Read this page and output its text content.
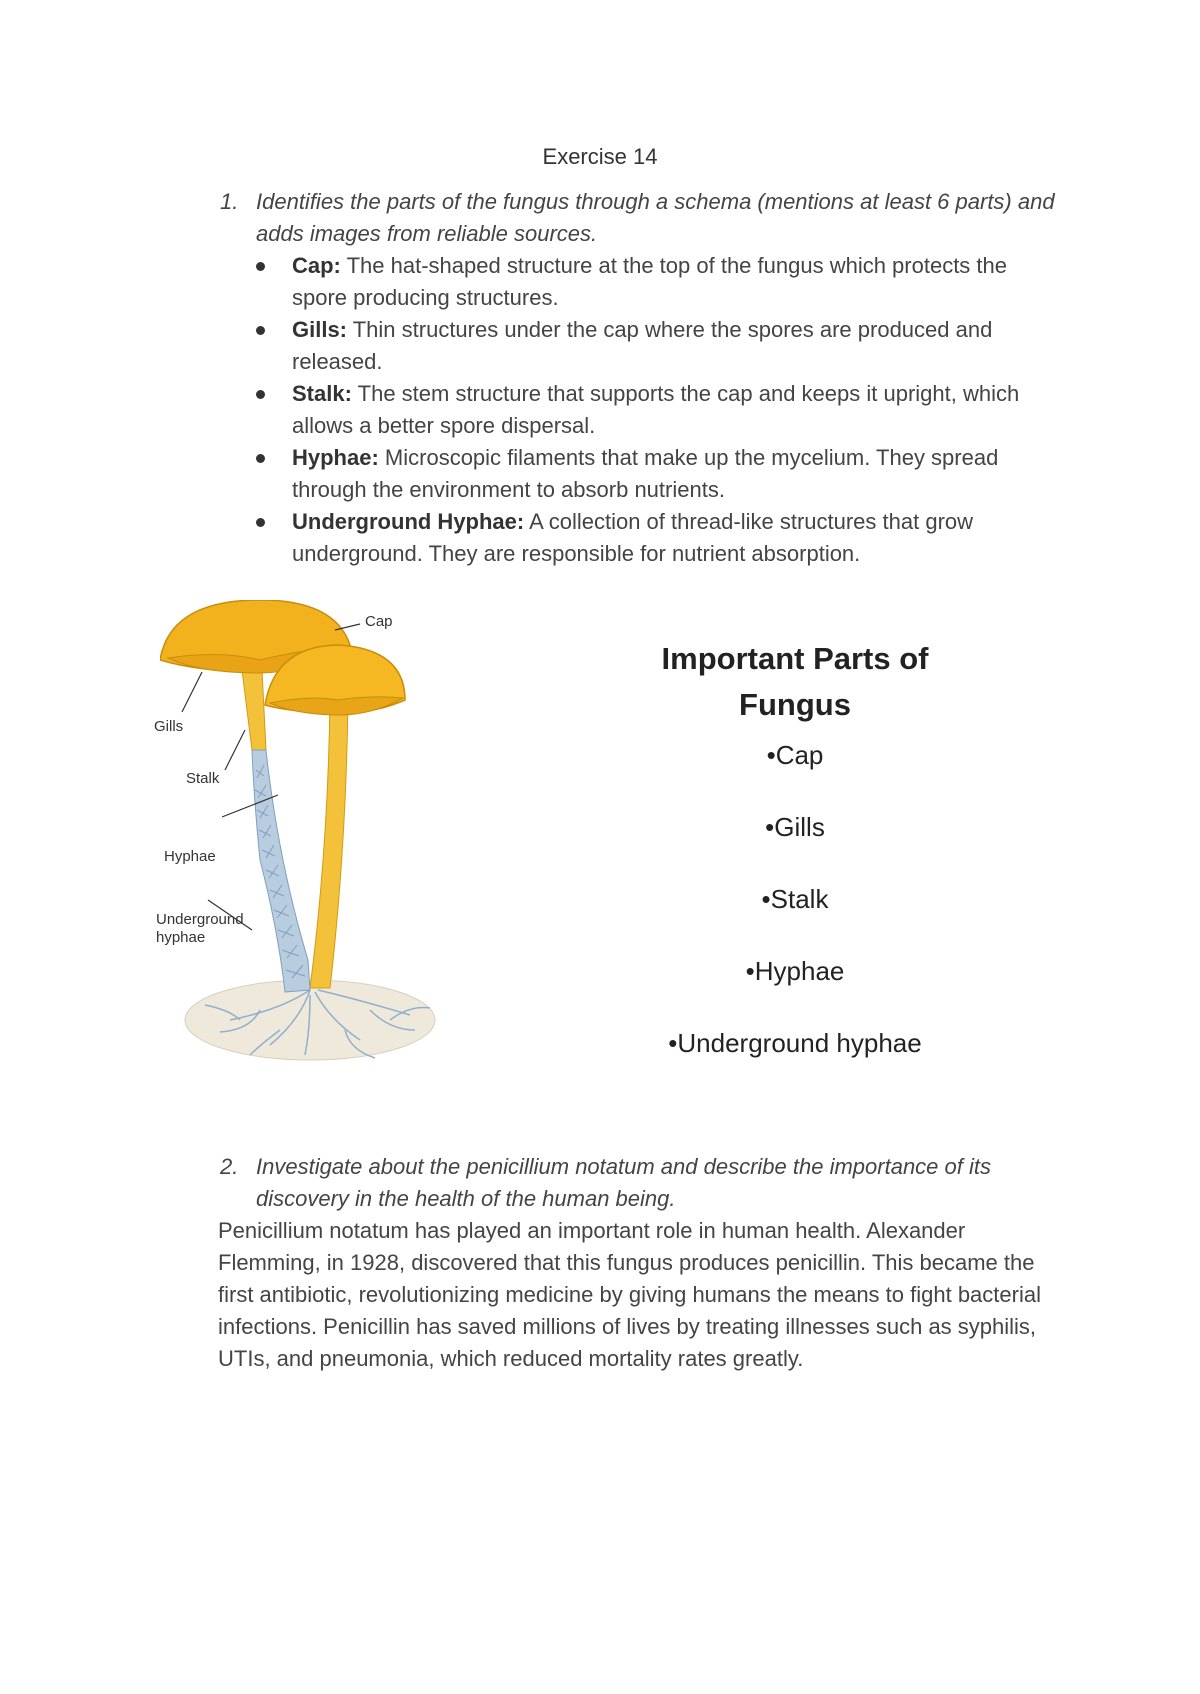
Exercise 14
1. Identifies the parts of the fungus through a schema (mentions at least 6 parts) and adds images from reliable sources.
Cap: The hat-shaped structure at the top of the fungus which protects the spore producing structures.
Gills: Thin structures under the cap where the spores are produced and released.
Stalk: The stem structure that supports the cap and keeps it upright, which allows a better spore dispersal.
Hyphae: Microscopic filaments that make up the mycelium. They spread through the environment to absorb nutrients.
Underground Hyphae: A collection of thread-like structures that grow underground. They are responsible for nutrient absorption.
Cap
Gills
Stalk
Hyphae
Underground
hyphae
Important Parts of
Fungus
•Cap
•Gills
•Stalk
•Hyphae
•Underground hyphae
2. Investigate about the penicillium notatum and describe the importance of its discovery in the health of the human being.

Penicillium notatum has played an important role in human health. Alexander Flemming, in 1928, discovered that this fungus produces penicillin. This became the first antibiotic, revolutionizing medicine by giving humans the means to fight bacterial infections. Penicillin has saved millions of lives by treating illnesses such as syphilis, UTIs, and pneumonia, which reduced mortality rates greatly.
